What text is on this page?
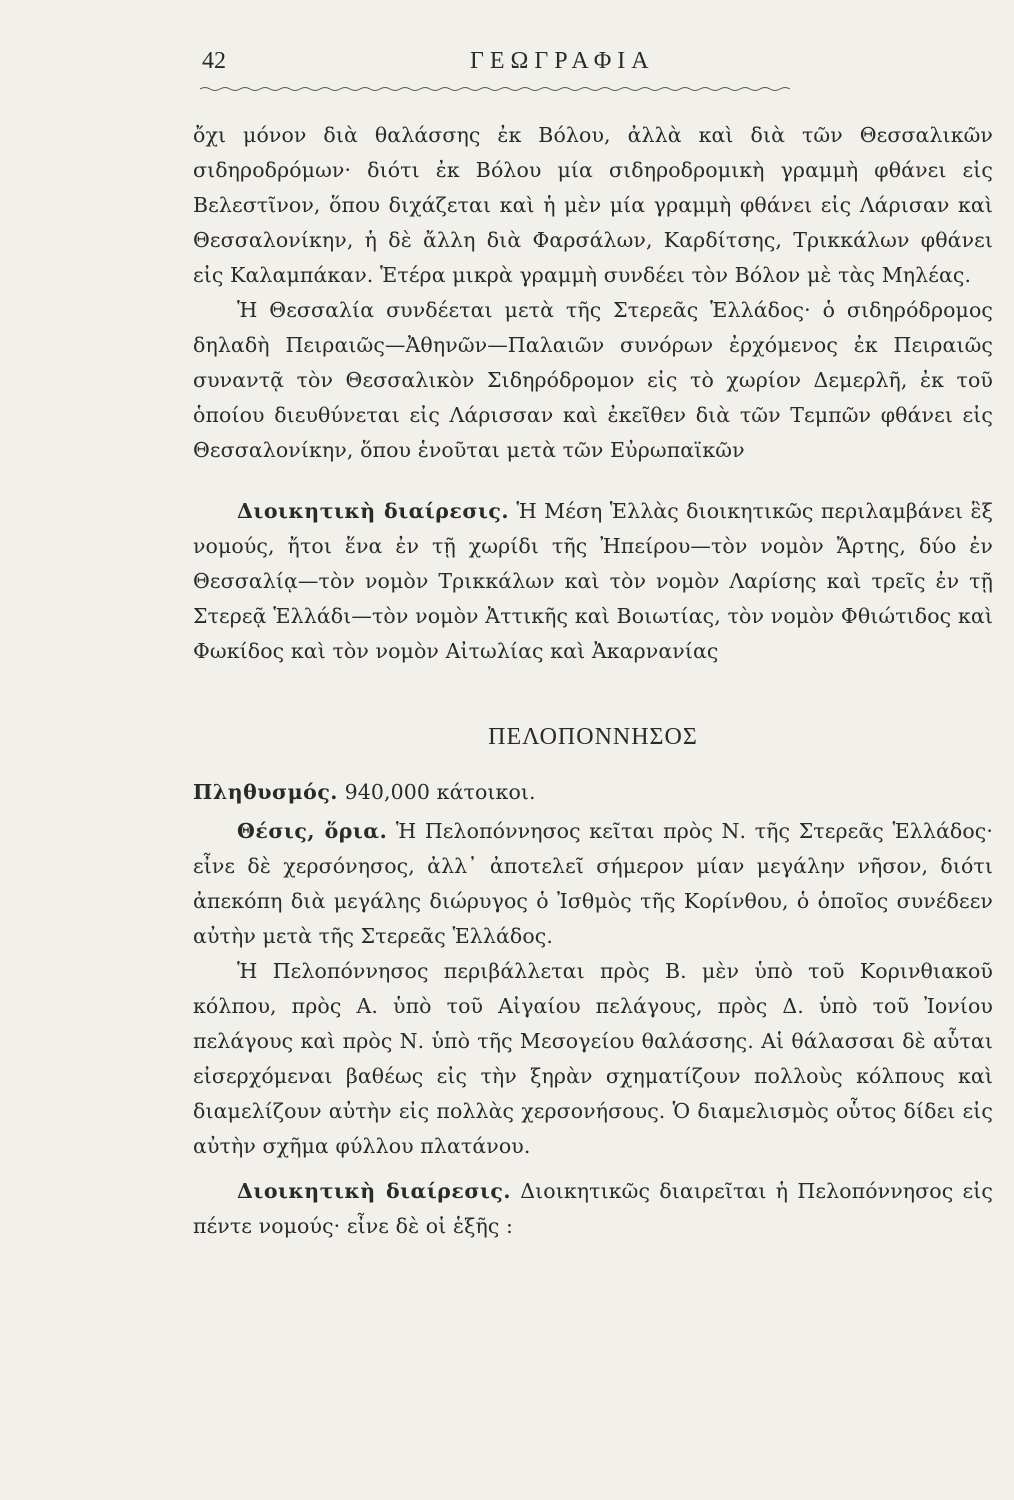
42	ΓΕΩΓΡΑΦΙΑ

ὄχι μόνον διὰ θαλάσσης ἐκ Βόλου, ἀλλὰ καὶ διὰ τῶν Θεσσαλικῶν σιδηροδρόμων· διότι ἐκ Βόλου μία σιδηροδρομικὴ γραμμὴ φθάνει εἰς Βελεστῖνον, ὅπου διχάζεται καὶ ἡ μὲν μία γραμμὴ φθάνει εἰς Λάρισαν καὶ Θεσσαλονίκην, ἡ δὲ ἄλλη διὰ Φαρσάλων, Καρδίτσης, Τρικκάλων φθάνει εἰς Καλαμπάκαν. Ἑτέρα μικρὰ γραμμὴ συνδέει τὸν Βόλον μὲ τὰς Μηλέας.

Ἡ Θεσσαλία συνδέεται μετὰ τῆς Στερεᾶς Ἑλλάδος· ὁ σιδηρόδρομος δηλαδὴ Πειραιῶς—Ἀθηνῶν—Παλαιῶν συνόρων ἐρχόμενος ἐκ Πειραιῶς συναντᾷ τὸν Θεσσαλικὸν Σιδηρόδρομον εἰς τὸ χωρίον Δεμερλῆ, ἐκ τοῦ ὁποίου διευθύνεται εἰς Λάρισσαν καὶ ἐκεῖθεν διὰ τῶν Τεμπῶν φθάνει εἰς Θεσσαλονίκην, ὅπου ἑνοῦται μετὰ τῶν Εὐρωπαϊκῶν

Διοικητικὴ διαίρεσις. Ἡ Μέση Ἑλλὰς διοικητικῶς περιλαμβάνει ἓξ νομούς, ἤτοι ἕνα ἐν τῇ χωρίδι τῆς Ἠπείρου—τὸν νομὸν Ἄρτης, δύο ἐν Θεσσαλίᾳ—τὸν νομὸν Τρικκάλων καὶ τὸν νομὸν Λαρίσης καὶ τρεῖς ἐν τῇ Στερεᾷ Ἑλλάδι—τὸν νομὸν Ἀττικῆς καὶ Βοιωτίας, τὸν νομὸν Φθιώτιδος καὶ Φωκίδος καὶ τὸν νομὸν Αἰτωλίας καὶ Ἀκαρνανίας

ΠΕΛΟΠΟΝΝΗΣΟΣ

Πληθυσμός. 940,000 κάτοικοι.

Θέσις, ὅρια. Ἡ Πελοπόννησος κεῖται πρὸς Ν. τῆς Στερεᾶς Ἑλλάδος· εἶνε δὲ χερσόνησος, ἀλλ᾽ ἀποτελεῖ σήμερον μίαν μεγάλην νῆσον, διότι ἀπεκόπη διὰ μεγάλης διώρυγος ὁ Ἰσθμὸς τῆς Κορίνθου, ὁ ὁποῖος συνέδεεν αὐτὴν μετὰ τῆς Στερεᾶς Ἑλλάδος.

Ἡ Πελοπόννησος περιβάλλεται πρὸς Β. μὲν ὑπὸ τοῦ Κορινθιακοῦ κόλπου, πρὸς Α. ὑπὸ τοῦ Αἰγαίου πελάγους, πρὸς Δ. ὑπὸ τοῦ Ἰονίου πελάγους καὶ πρὸς Ν. ὑπὸ τῆς Μεσογείου θαλάσσης. Αἱ θάλασσαι δὲ αὗται εἰσερχόμεναι βαθέως εἰς τὴν ξηρὰν σχηματίζουν πολλοὺς κόλπους καὶ διαμελίζουν αὐτὴν εἰς πολλὰς χερσονήσους. Ὁ διαμελισμὸς οὗτος δίδει εἰς αὐτὴν σχῆμα φύλλου πλατάνου.

Διοικητικὴ διαίρεσις. Διοικητικῶς διαιρεῖται ἡ Πελοπόννησος εἰς πέντε νομούς· εἶνε δὲ οἱ ἑξῆς :
